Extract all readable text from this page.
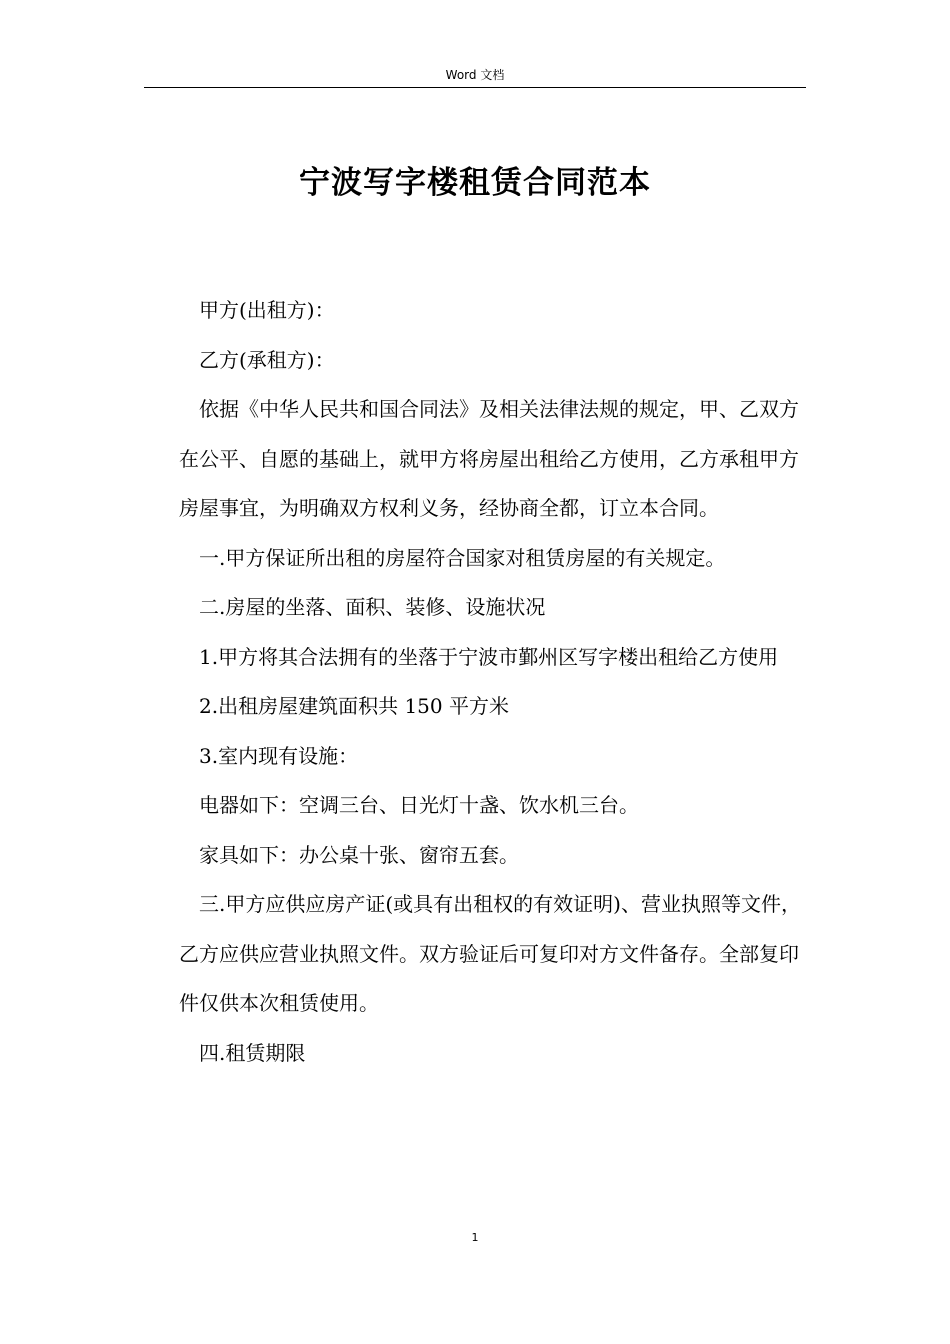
Word 文档
宁波写字楼租赁合同范本

甲方(出租方)：

乙方(承租方)：

依据《中华人民共和国合同法》及相关法律法规的规定，甲、乙双方在公平、自愿的基础上，就甲方将房屋出租给乙方使用，乙方承租甲方房屋事宜，为明确双方权利义务，经协商全都，订立本合同。

一.甲方保证所出租的房屋符合国家对租赁房屋的有关规定。

二.房屋的坐落、面积、装修、设施状况

1.甲方将其合法拥有的坐落于宁波市鄞州区写字楼出租给乙方使用

2.出租房屋建筑面积共 150 平方米

3.室内现有设施：

电器如下：空调三台、日光灯十盏、饮水机三台。

家具如下：办公桌十张、窗帘五套。

三.甲方应供应房产证(或具有出租权的有效证明)、营业执照等文件，乙方应供应营业执照文件。双方验证后可复印对方文件备存。全部复印件仅供本次租赁使用。

四.租赁期限

1
